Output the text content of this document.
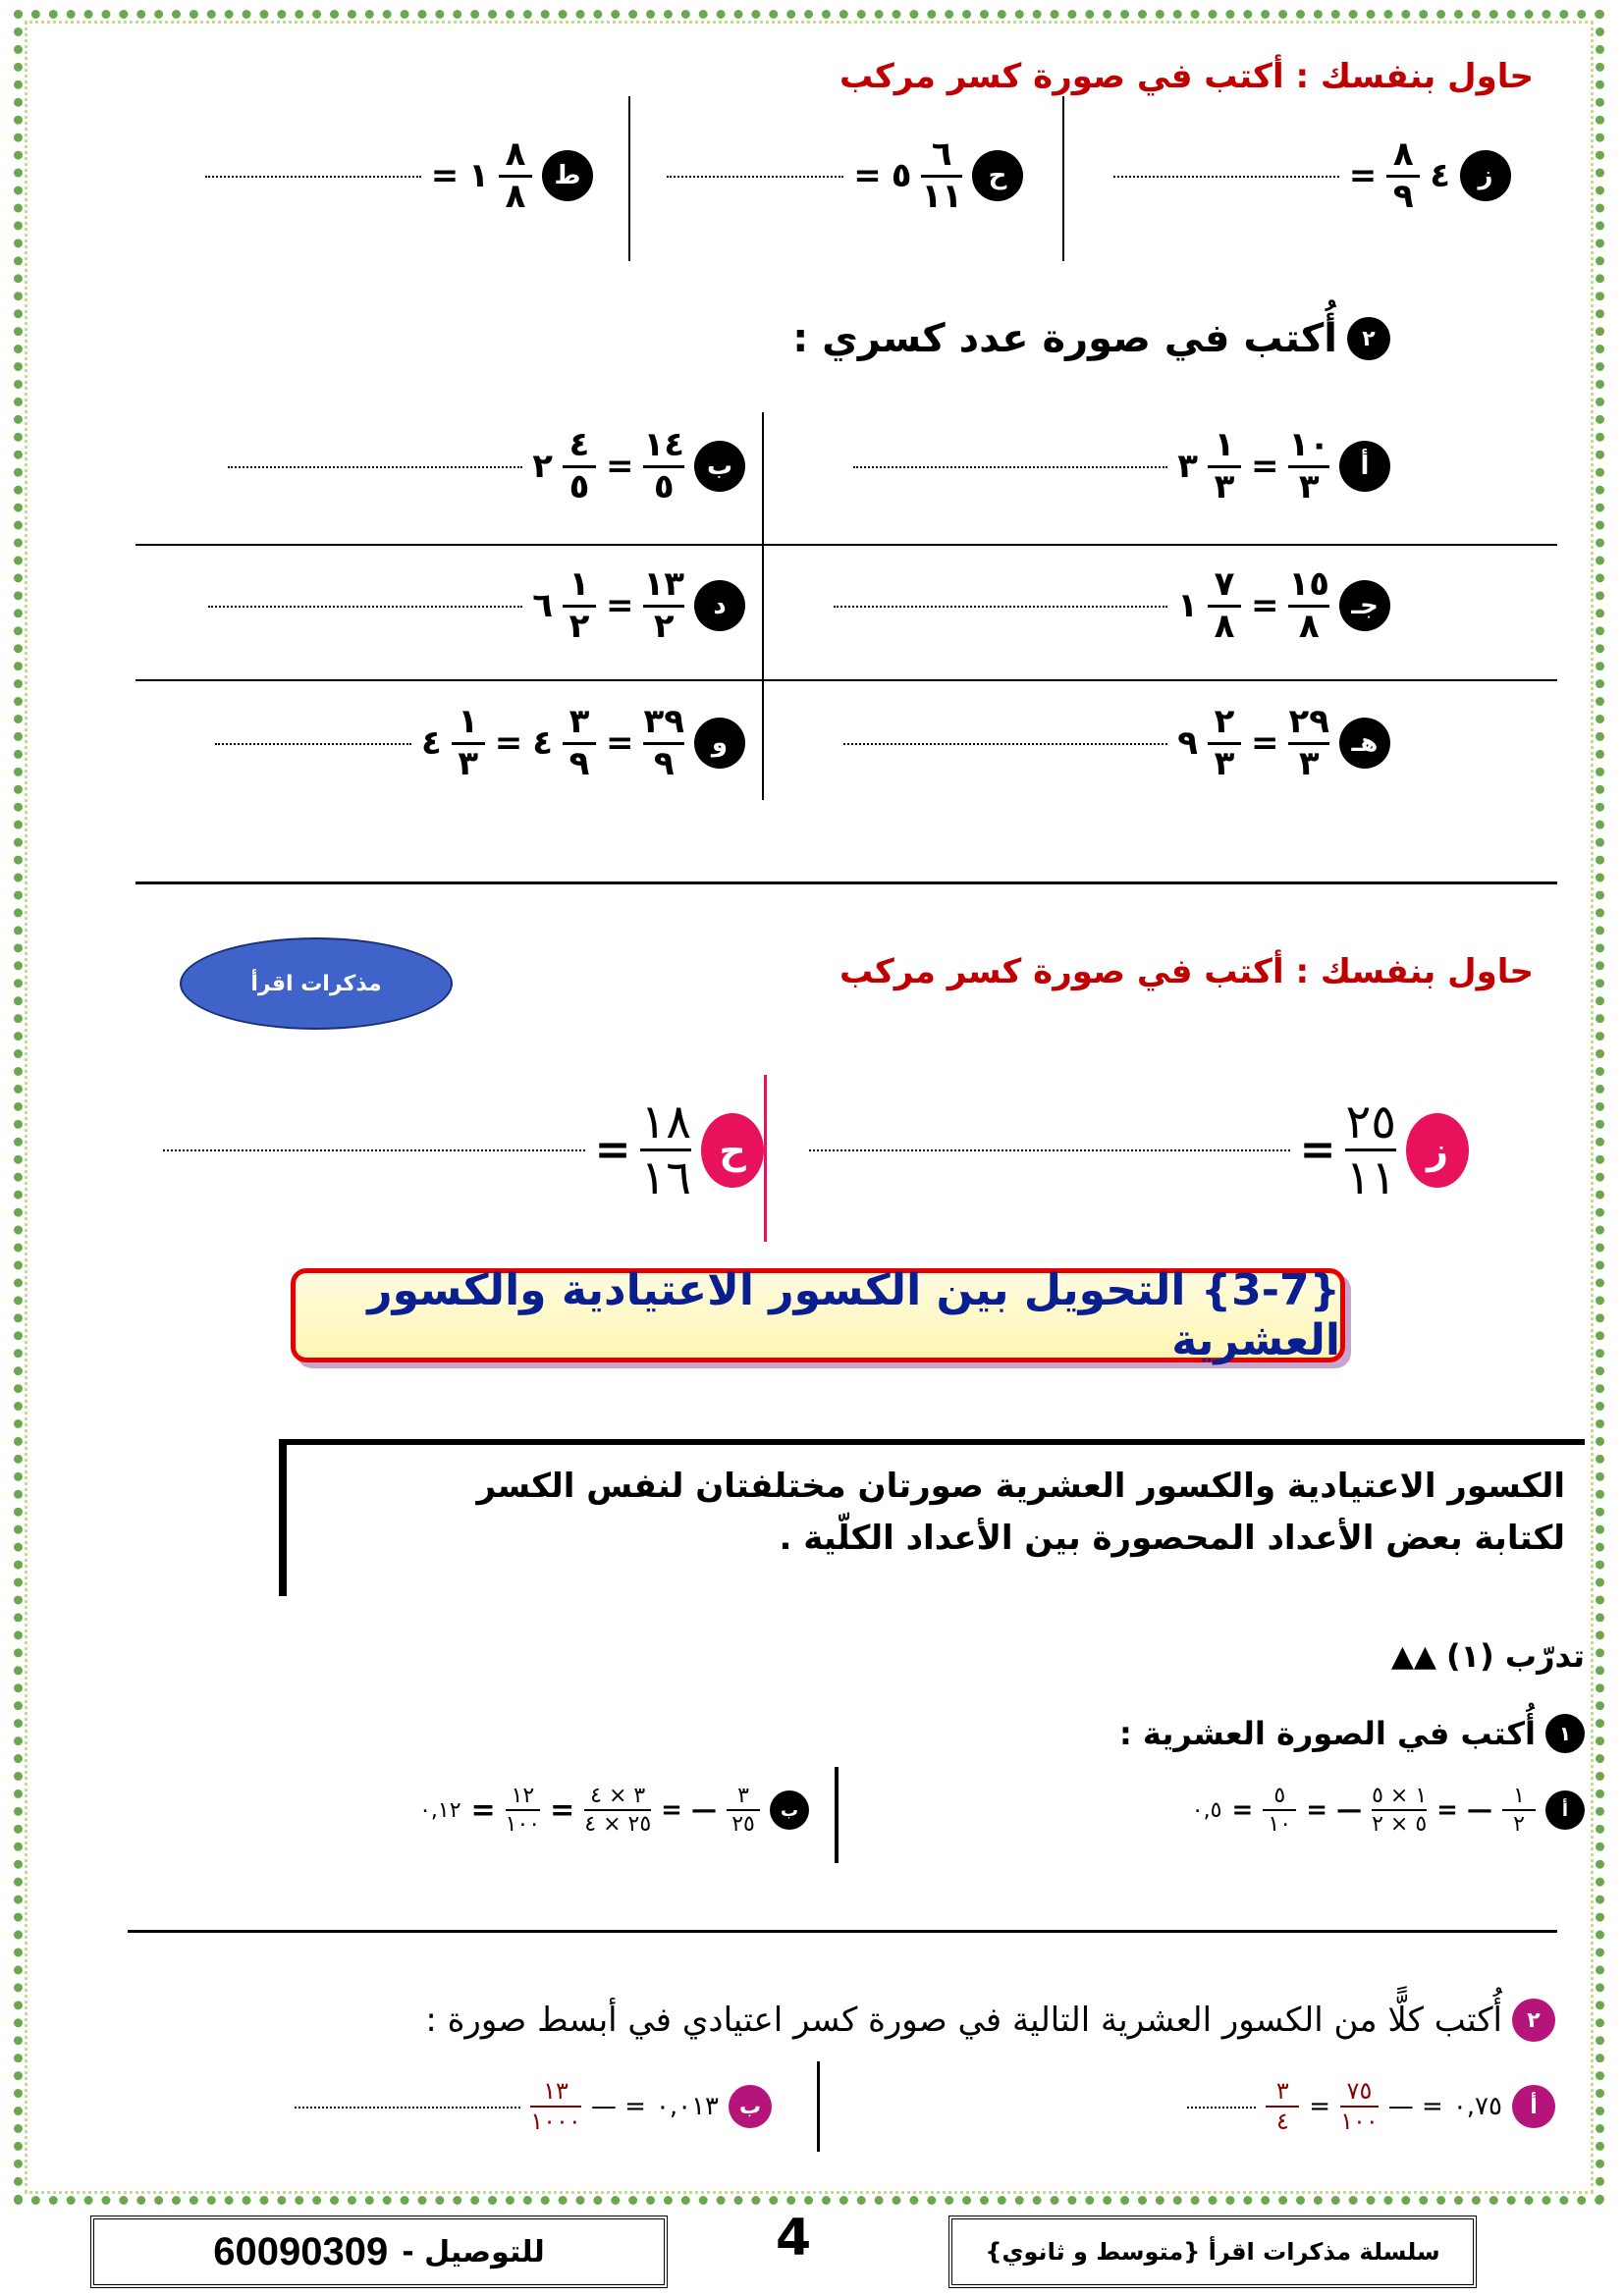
حاول بنفسك : أكتب في صورة كسر مركب
ز
٤
$\frac{٨}{٩}$
=
ح
$\frac{٦}{١١}$
٥
=
ط
$\frac{٨}{٨}$
١
=
٢
أُكتب في صورة عدد كسري :
أ
$\frac{١٠}{٣}$
=
$\frac{١}{٣}$
٣
ب
$\frac{١٤}{٥}$
=
$\frac{٤}{٥}$
٢
جـ
$\frac{١٥}{٨}$
=
$\frac{٧}{٨}$
١
د
$\frac{١٣}{٢}$
=
$\frac{١}{٢}$
٦
هـ
$\frac{٢٩}{٣}$
=
$\frac{٢}{٣}$
٩
و
$\frac{٣٩}{٩}$
=
$\frac{٣}{٩}$
٤
=
$\frac{١}{٣}$
٤
حاول بنفسك : أكتب في صورة كسر مركب
مذكرات اقرأ
ز
$\frac{٢٥}{١١}$
=
ح
$\frac{١٨}{١٦}$
=
{3-7} التحويل بين الكسور الاعتيادية والكسور العشرية
الكسور الاعتيادية والكسور العشرية صورتان مختلفتان لنفس الكسر
لكتابة بعض الأعداد المحصورة بين الأعداد الكلّية .
تدرّب (١)
▲▲
١
أُكتب في الصورة العشرية :
أ
$\frac{١}{٢}$
— =
$\frac{١ \times ٥}{٥ \times ٢}$
— =
$\frac{٥}{١٠}$
=
٠,٥
ب
$\frac{٣}{٢٥}$
— =
$\frac{٣ \times ٤}{٢٥ \times ٤}$
=
$\frac{١٢}{١٠٠}$
=
٠,١٢
٢
أُكتب كلًّا من الكسور العشرية التالية في صورة كسر اعتيادي في أبسط صورة :
أ
٠,٧٥
= —
$\frac{٧٥}{١٠٠}$
=
$\frac{٣}{٤}$
ب
٠,٠١٣
= —
$\frac{١٣}{١٠٠٠}$
سلسلة مذكرات اقرأ {متوسط و ثانوي}
4
60090309 للتوصيل -
